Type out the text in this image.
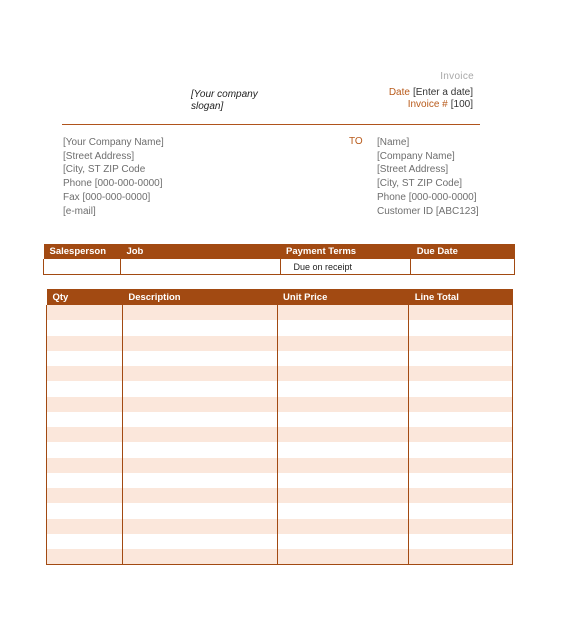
Invoice
[Your company slogan]
Date [Enter a date]
Invoice # [100]
[Your Company Name]
[Street Address]
[City, ST ZIP Code
Phone [000-000-0000]
Fax [000-000-0000]
[e-mail]
TO [Name]
[Company Name]
[Street Address]
[City, ST ZIP Code]
Phone [000-000-0000]
Customer ID [ABC123]
Salesperson	Job	Payment Terms	Due Date
		Due on receipt	
Qty	Description	Unit Price	Line Total
